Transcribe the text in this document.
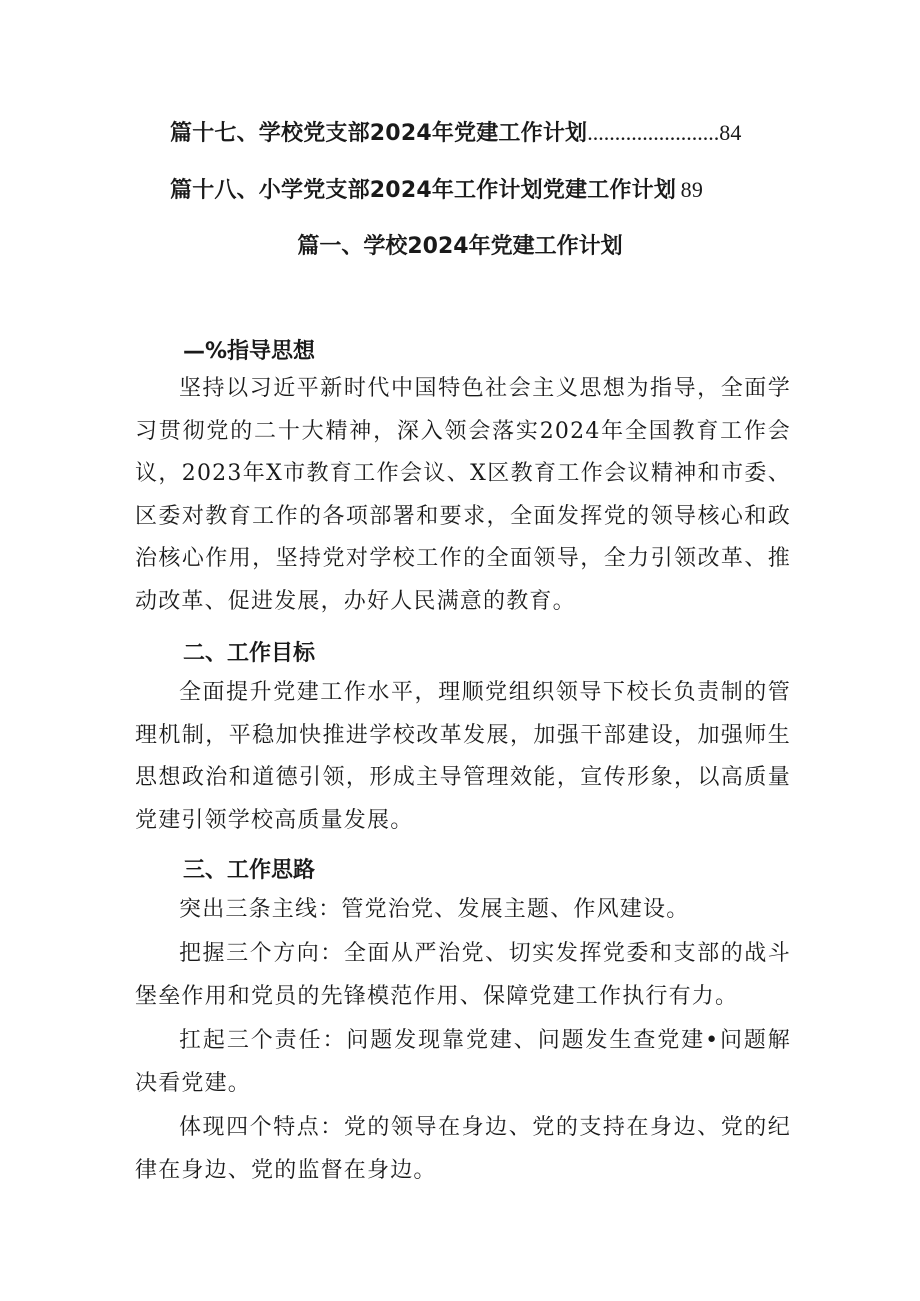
篇十七、学校党支部2024年党建工作计划........................84
篇十八、小学党支部2024年工作计划党建工作计划  89
篇一、学校2024年党建工作计划
—%指导思想
坚持以习近平新时代中国特色社会主义思想为指导，全面学习贯彻党的二十大精神，深入领会落实2024年全国教育工作会议，2023年X市教育工作会议、X区教育工作会议精神和市委、区委对教育工作的各项部署和要求，全面发挥党的领导核心和政治核心作用，坚持党对学校工作的全面领导，全力引领改革、推动改革、促进发展，办好人民满意的教育。
二、工作目标
全面提升党建工作水平，理顺党组织领导下校长负责制的管理机制，平稳加快推进学校改革发展，加强干部建设，加强师生思想政治和道德引领，形成主导管理效能，宣传形象，以高质量党建引领学校高质量发展。
三、工作思路
突出三条主线：管党治党、发展主题、作风建设。
把握三个方向：全面从严治党、切实发挥党委和支部的战斗堡垒作用和党员的先锋模范作用、保障党建工作执行有力。
扛起三个责任：问题发现靠党建、问题发生查党建•问题解决看党建。
体现四个特点：党的领导在身边、党的支持在身边、党的纪律在身边、党的监督在身边。
